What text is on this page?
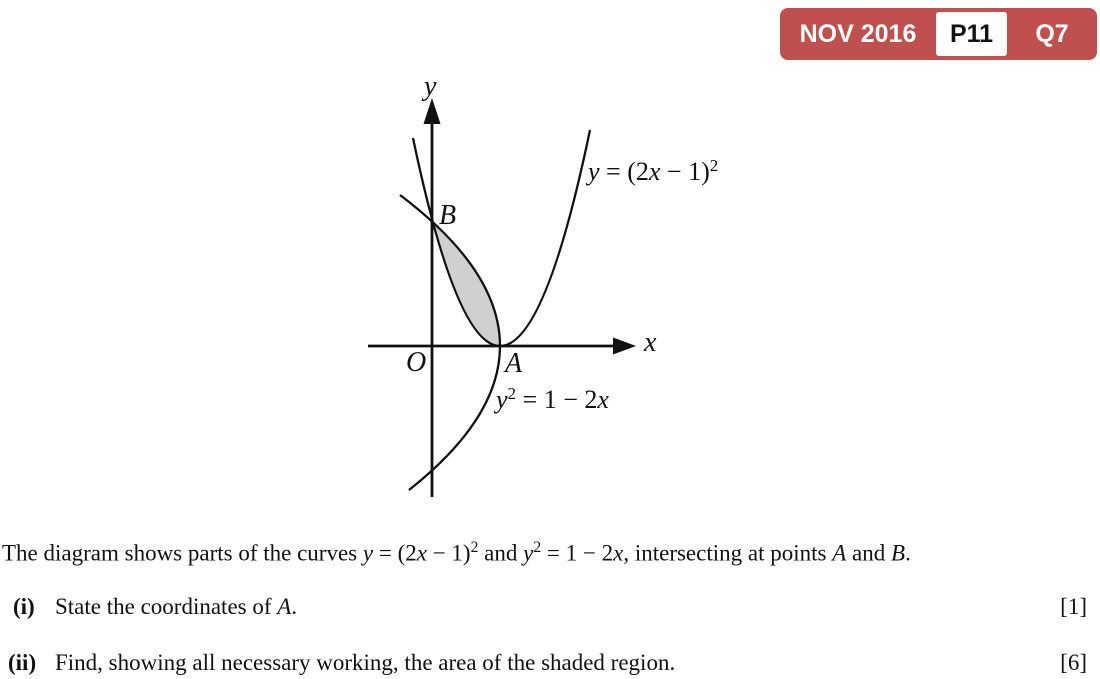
NOV 2016	P11	Q7
y
x
O	A
B
$y = (2x - 1)^2$
$y^2 = 1 - 2x$
The diagram shows parts of the curves $y = (2x - 1)^2$ and $y^2 = 1 - 2x$, intersecting at points A and B.
(i) State the coordinates of A.	[1]
(ii) Find, showing all necessary working, the area of the shaded region.	[6]
